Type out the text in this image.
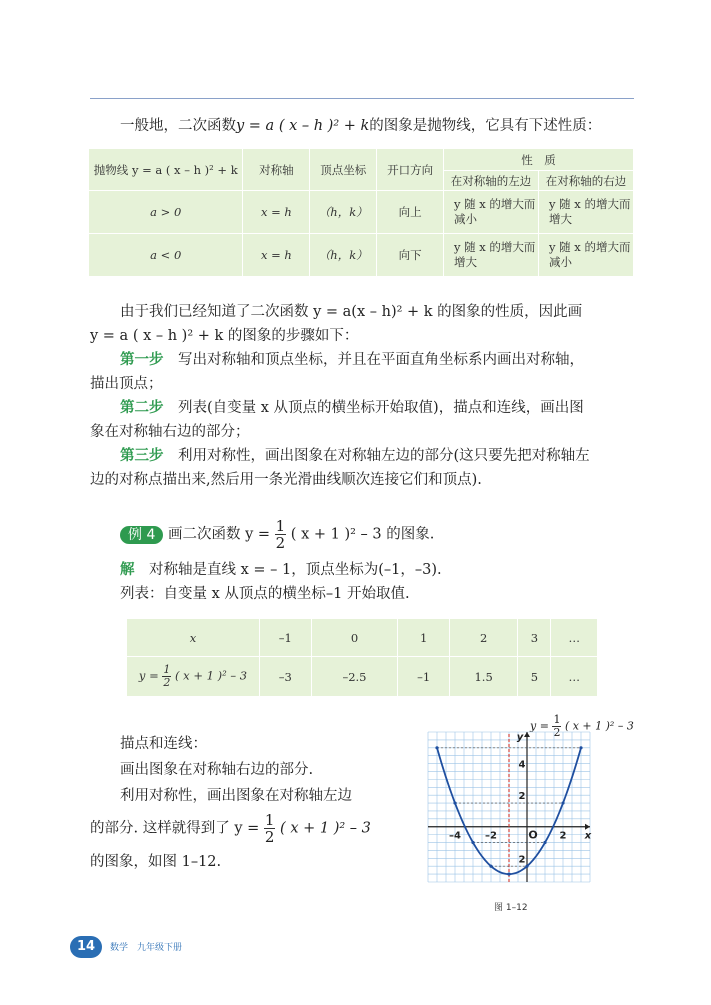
一般地，二次函数y = a ( x – h )² + k的图象是抛物线，它具有下述性质：
抛物线 y = a ( x – h )² + k	对称轴	顶点坐标	开口方向	性　质	
				在对称轴的左边	在对称轴的右边
a > 0	x = h	（h，k）	向上	y 随 x 的增大而减小	y 随 x 的增大而增大
a < 0	x = h	（h，k）	向下	y 随 x 的增大而增大	y 随 x 的增大而减小
由于我们已经知道了二次函数 y = a(x – h)² + k 的图象的性质，因此画
y = a ( x – h )² + k 的图象的步骤如下：
第一步　 写出对称轴和顶点坐标，并且在平面直角坐标系内画出对称轴，
描出顶点；
第二步　 列表(自变量 x 从顶点的横坐标开始取值)，描点和连线，画出图
象在对称轴右边的部分；
第三步　 利用对称性，画出图象在对称轴左边的部分(这只要先把对称轴左
边的对称点描出来,然后用一条光滑曲线顺次连接它们和顶点).
例 4 画二次函数 $y = \frac{1}{2}$ ( x + 1 )² – 3 的图象.
解　 对称轴是直线 x = – 1，顶点坐标为(–1，–3).
列表：自变量 x 从顶点的横坐标–1 开始取值.
x	–1	0	1	2	3	…
$y = \frac{1}{2}$ ( x + 1 )² – 3	–3	–2.5	–1	1.5	5	…
描点和连线：
画出图象在对称轴右边的部分.
利用对称性，画出图象在对称轴左边
的部分. 这样就得到了 $y = \frac{1}{2}$ ( x + 1 )² – 3
的图象，如图 1–12.
$y = \frac{1}{2}$ ( x + 1 )² – 3
–4 –2	2
4
2
2
O	x
y
图 1–12
14	数学　九年级下册
